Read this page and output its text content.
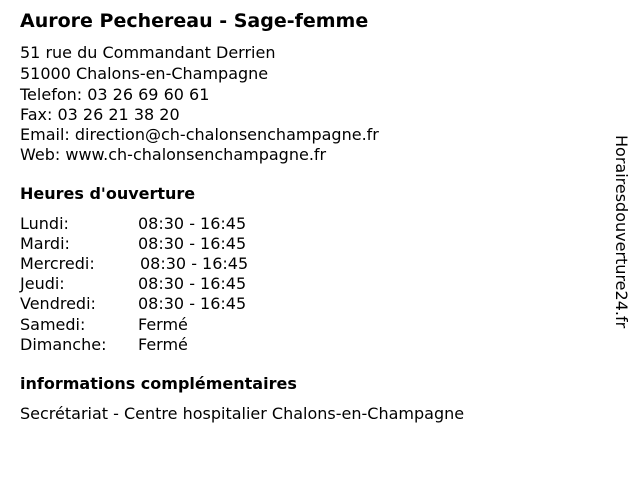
Aurore Pechereau - Sage-femme
51 rue du Commandant Derrien
51000 Chalons-en-Champagne
Telefon: 03 26 69 60 61
Fax: 03 26 21 38 20
Email: direction@ch-chalonsenchampagne.fr
Web: www.ch-chalonsenchampagne.fr
Heures d'ouverture
Lundi:	08:30 - 16:45
Mardi:	08:30 - 16:45
Mercredi:	08:30 - 16:45
Jeudi:	08:30 - 16:45
Vendredi:	08:30 - 16:45
Samedi:	Fermé
Dimanche: Fermé
informations complémentaires
Secrétariat - Centre hospitalier Chalons-en-Champagne
Horairesdouverture24.fr
